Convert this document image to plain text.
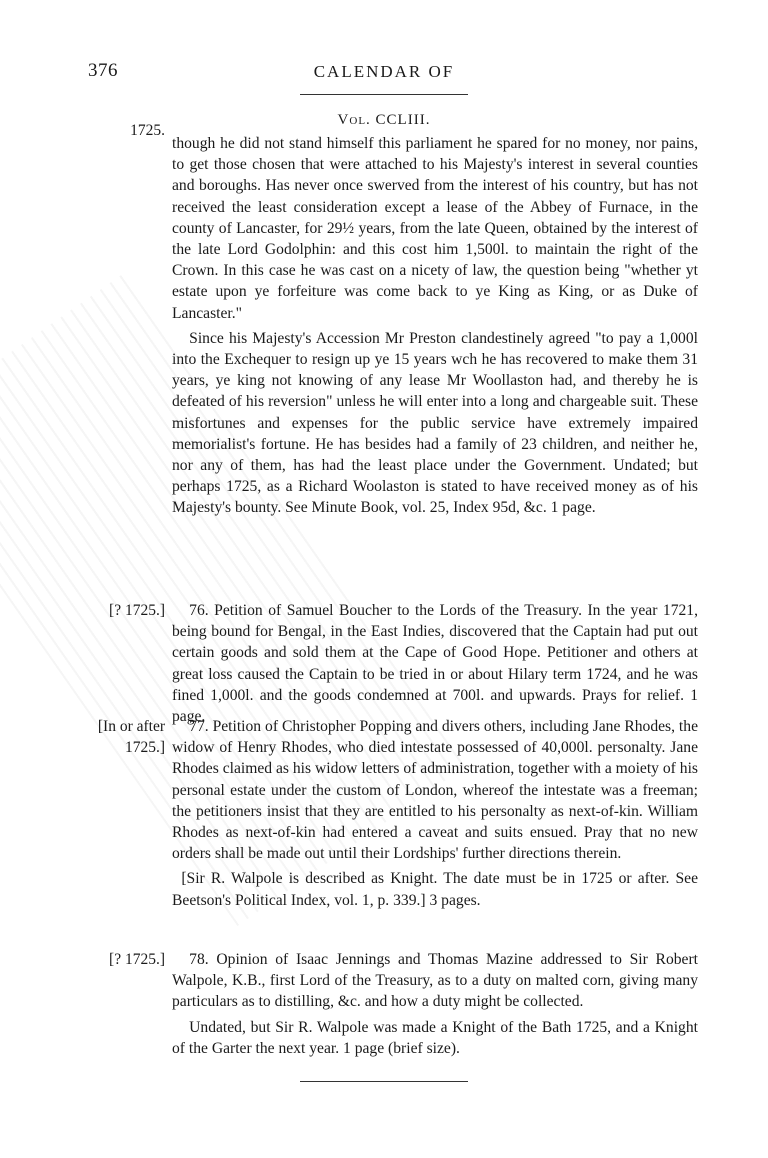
376	CALENDAR OF
Vol. CCLIII.
1725.

though he did not stand himself this parliament he spared for no money, nor pains, to get those chosen that were attached to his Majesty's interest in several counties and boroughs. Has never once swerved from the interest of his country, but has not received the least consideration except a lease of the Abbey of Furnace, in the county of Lancaster, for 29½ years, from the late Queen, obtained by the interest of the late Lord Godolphin: and this cost him 1,500l. to maintain the right of the Crown. In this case he was cast on a nicety of law, the question being "whether yt estate upon ye forfeiture was come back to ye King as King, or as Duke of Lancaster."

Since his Majesty's Accession Mr Preston clandestinely agreed "to pay a 1,000l into the Exchequer to resign up ye 15 years wch he has recovered to make them 31 years, ye king not knowing of any lease Mr Woollaston had, and thereby he is defeated of his reversion" unless he will enter into a long and chargeable suit. These misfortunes and expenses for the public service have extremely impaired memorialist's fortune. He has besides had a family of 23 children, and neither he, nor any of them, has had the least place under the Government. Undated; but perhaps 1725, as a Richard Woolaston is stated to have received money as of his Majesty's bounty. See Minute Book, vol. 25, Index 95d, &c. 1 page.

[? 1725.]	76. Petition of Samuel Boucher to the Lords of the Treasury. In the year 1721, being bound for Bengal, in the East Indies, discovered that the Captain had put out certain goods and sold them at the Cape of Good Hope. Petitioner and others at great loss caused the Captain to be tried in or about Hilary term 1724, and he was fined 1,000l. and the goods condemned at 700l. and upwards. Prays for relief. 1 page.

[In or after
1725.]

77. Petition of Christopher Popping and divers others, including Jane Rhodes, the widow of Henry Rhodes, who died intestate possessed of 40,000l. personalty. Jane Rhodes claimed as his widow letters of administration, together with a moiety of his personal estate under the custom of London, whereof the intestate was a freeman; the petitioners insist that they are entitled to his personalty as next-of-kin. William Rhodes as next-of-kin had entered a caveat and suits ensued. Pray that no new orders shall be made out until their Lordships' further directions therein.

[Sir R. Walpole is described as Knight. The date must be in 1725 or after. See Beetson's Political Index, vol. 1, p. 339.] 3 pages.

[? 1725.]	78. Opinion of Isaac Jennings and Thomas Mazine addressed to Sir Robert Walpole, K.B., first Lord of the Treasury, as to a duty on malted corn, giving many particulars as to distilling, &c. and how a duty might be collected.

Undated, but Sir R. Walpole was made a Knight of the Bath 1725, and a Knight of the Garter the next year. 1 page (brief size).
